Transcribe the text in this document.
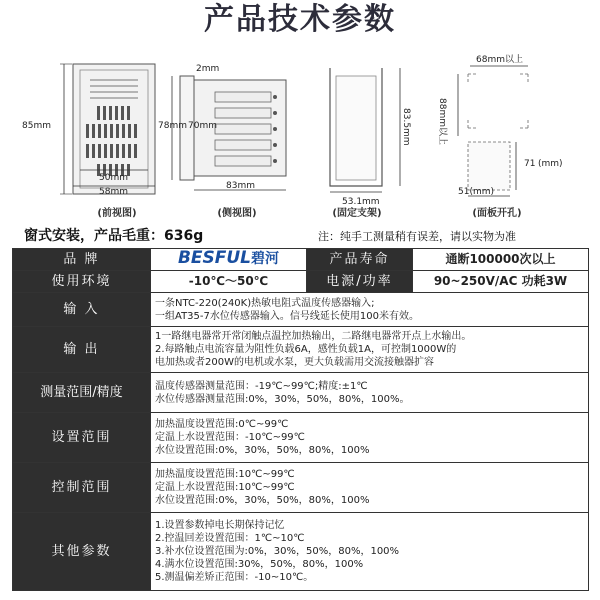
产品技术参数
85mm
50mm
58mm
2mm
78mm 70mm
83mm
83.5mm
53.1mm
68mm以上
88mm以上
71 (mm)
51(mm)
(前视图)	(侧视图)	(固定支架)	(面板开孔)
窗式安装，产品毛重：636g	注：纯手工测量稍有误差，请以实物为准
品 牌	BESFUL碧河	产品寿命	通断100000次以上
使用环境	-10℃～50℃	电源/功率	90~250V/AC 功耗3W
输 入	一条NTC-220(240K)热敏电阻式温度传感器输入;
一组AT35-7水位传感器输入。信号线延长使用100米有效。		

输 出	1一路继电器常开常闭触点温控加热输出，二路继电器常开点上水输出。
2.每路触点电流容量为阻性负载6A，感性负载1A，可控制1000W的
电加热或者200W的电机或水泵，更大负载需用交流接触器扩容		

测量范围/精度	温度传感器测量范围：-19℃~99℃;精度:±1℃
水位传感器测量范围:0%，30%，50%，80%，100%。		

设置范围	加热温度设置范围:0℃~99℃
定温上水设置范围：-10℃~99℃
水位设置范围:0%，30%，50%，80%，100%		

控制范围	加热温度设置范围:10℃~99℃
定温上水设置范围:10℃~99℃
水位设置范围:0%，30%，50%，80%，100%		

其他参数	1.设置参数掉电长期保持记忆
2.控温回差设置范围：1℃~10℃
3.补水位设置范围为:0%，30%，50%，80%，100%
4.满水位设置范围:30%，50%，80%，100%
5.测温偏差矫正范围：-10~10℃。		
